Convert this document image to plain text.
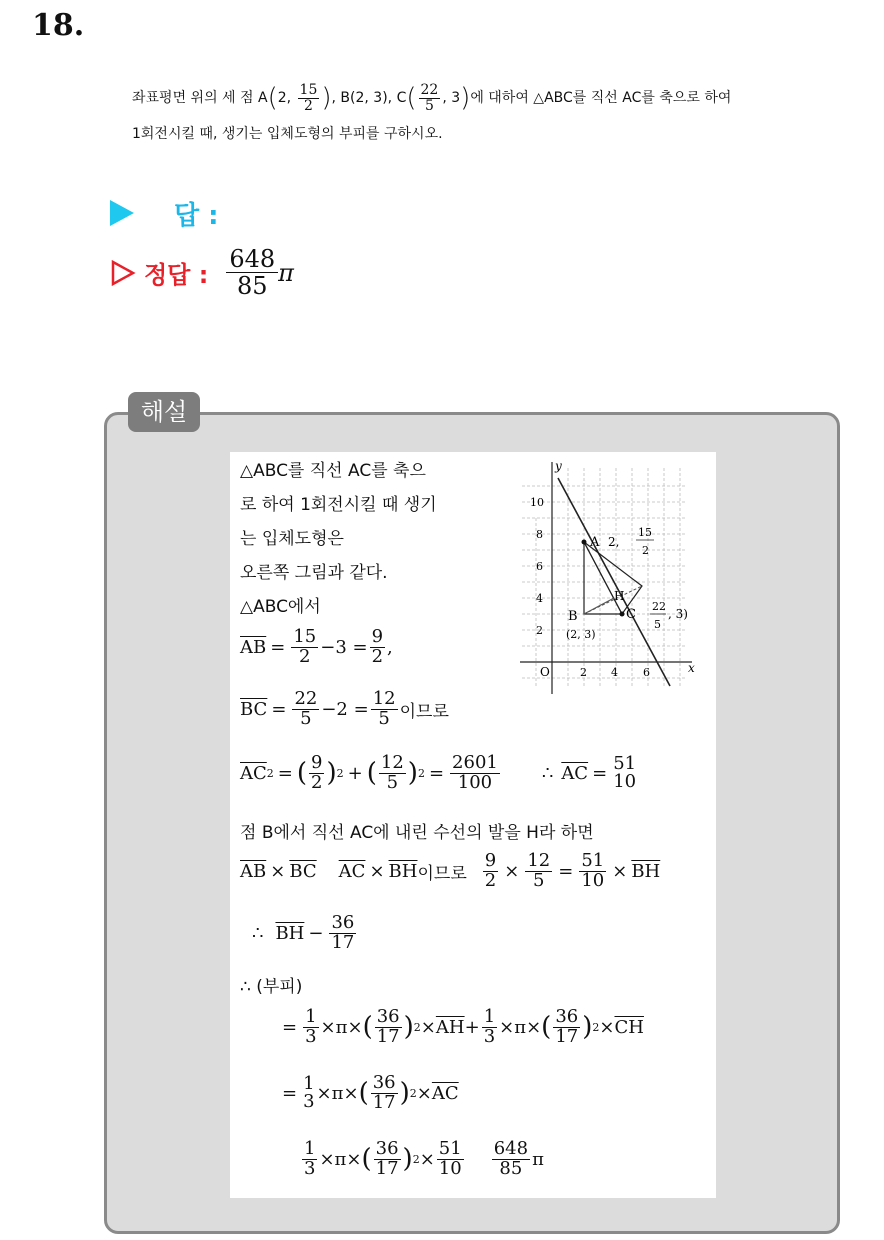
18.
좌표평면 위의 세 점 A(2, $\frac{15}{2}$ ), B(2, 3), $C( \frac{22}{5}$ , 3)에 대하여 △ABC를 직선 AC를 축으로 하여
1회전시킬 때, 생기는 입체도형의 부피를 구하시오.
답 :
정답 : $\frac{648}{85}$ π
해설
△ABC를 직선 AC를 축으
로 하여 1회전시킬 때 생기
는 입체도형은
오른쪽 그림과 같다.
△ABC에서
$\overline{AB} = \frac{15}{2} -3 = \frac{9}{2}$ ,
$\overline{BC} = \frac{22}{5} -2 = \frac{12}{5}$ 이므로
$\overline{AC}$ 2 = ( $\frac{9}{2}$ ) 2 + ( $\frac{12}{5}$ ) $2 = \frac{2601}{100}$ ∴ $\overline{AC} = 51$
10
점 B에서 직선 AC에 내린 수선의 발을 H라 하면
$\overline{AB} \times \overline{BC}$ $\overline{AC} \times \overline{BH}$ 이므로 $\frac{9}{2} \times \frac{12}{5} = \frac{51}{10} \times \overline{BH}$
∴ $\overline{BH} - \frac{36}{17}$
∴ (부피)
= $\frac{1}{3} \times \pi$ × ( $\frac{36}{17}$ ) $2 \times \overline{AH} + \frac{1}{3} \times \pi$ × ( $\frac{36}{17}$ ) $2 \times \overline{CH}$
= 1
3 × π × ( $\frac{36}{17}$ ) $2 \times \overline{AC}$
$\frac{1}{3} \times \pi$ × ( $\frac{36}{17}$ ) $2 \times \frac{51}{10} \frac{648}{85}$ π
x
y
O	2 4 6
2
4
6
8
10
A 2,
15
2
B
(2, 3)
C
22
5
, 3)
H
